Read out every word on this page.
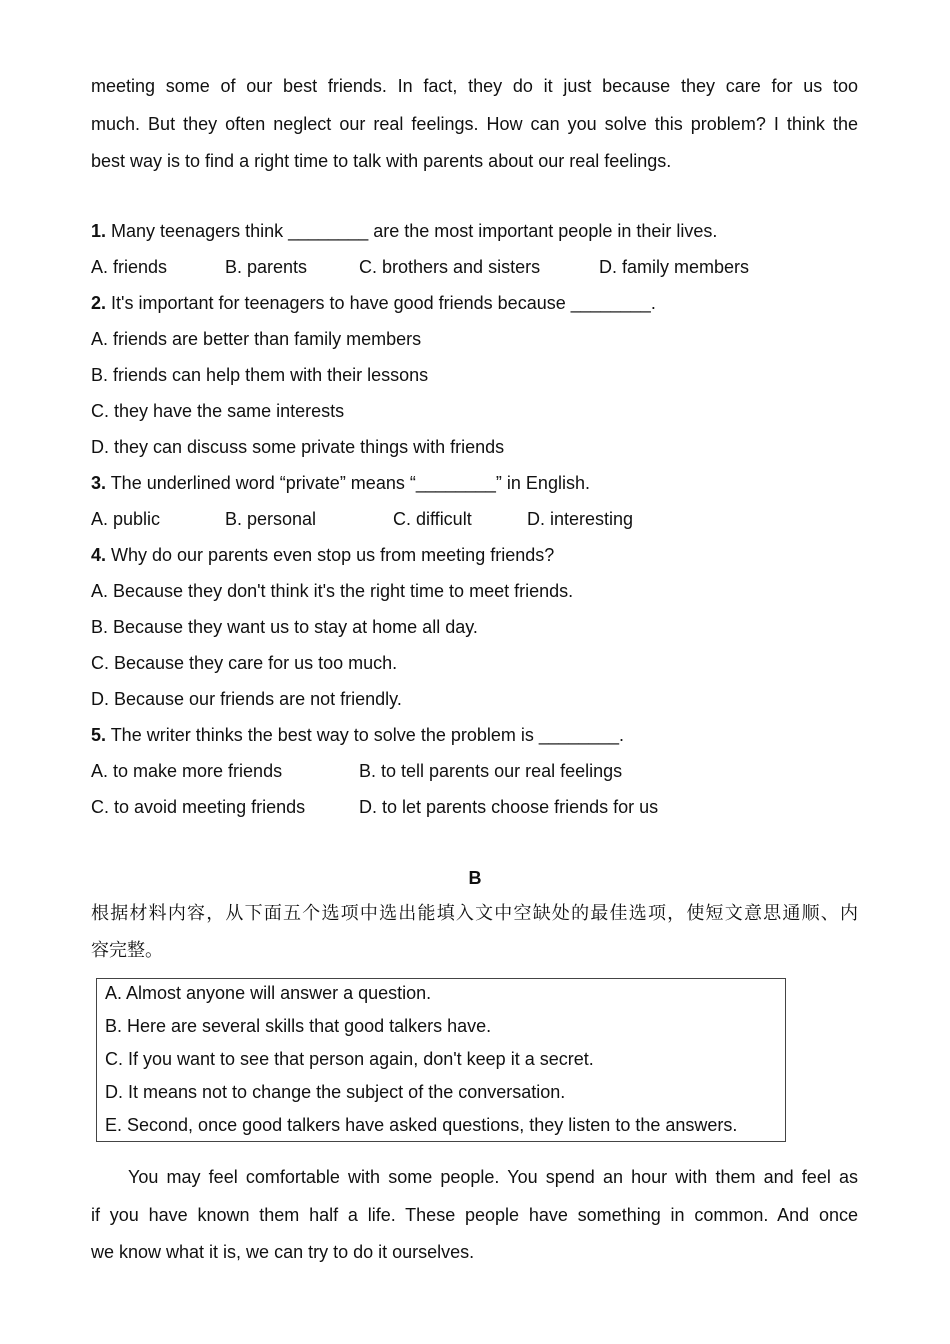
meeting some of our best friends. In fact, they do it just because they care for us too
much. But they often neglect our real feelings. How can you solve this problem? I think the
best way is to find a right time to talk with parents about our real feelings.
1. Many teenagers think ________ are the most important people in their lives.
A. friends	B. parents	C. brothers and sisters	D. family members
2. It's important for teenagers to have good friends because ________.
A. friends are better than family members
B. friends can help them with their lessons
C. they have the same interests
D. they can discuss some private things with friends
3. The underlined word “private” means “________” in English.
A. public	B. personal	C. difficult	D. interesting
4. Why do our parents even stop us from meeting friends?
A. Because they don't think it's the right time to meet friends.
B. Because they want us to stay at home all day.
C. Because they care for us too much.
D. Because our friends are not friendly.
5. The writer thinks the best way to solve the problem is ________.
A. to make more friends	B. to tell parents our real feelings
C. to avoid meeting friends	D. to let parents choose friends for us
B
根据材料内容，从下面五个选项中选出能填入文中空缺处的最佳选项，使短文意思通顺、内
容完整。
A. Almost anyone will answer a question.
B. Here are several skills that good talkers have.
C. If you want to see that person again, don't keep it a secret.
D. It means not to change the subject of the conversation.
E. Second, once good talkers have asked questions, they listen to the answers.
You may feel comfortable with some people. You spend an hour with them and feel as
if you have known them half a life. These people have something in common. And once
we know what it is, we can try to do it ourselves.
